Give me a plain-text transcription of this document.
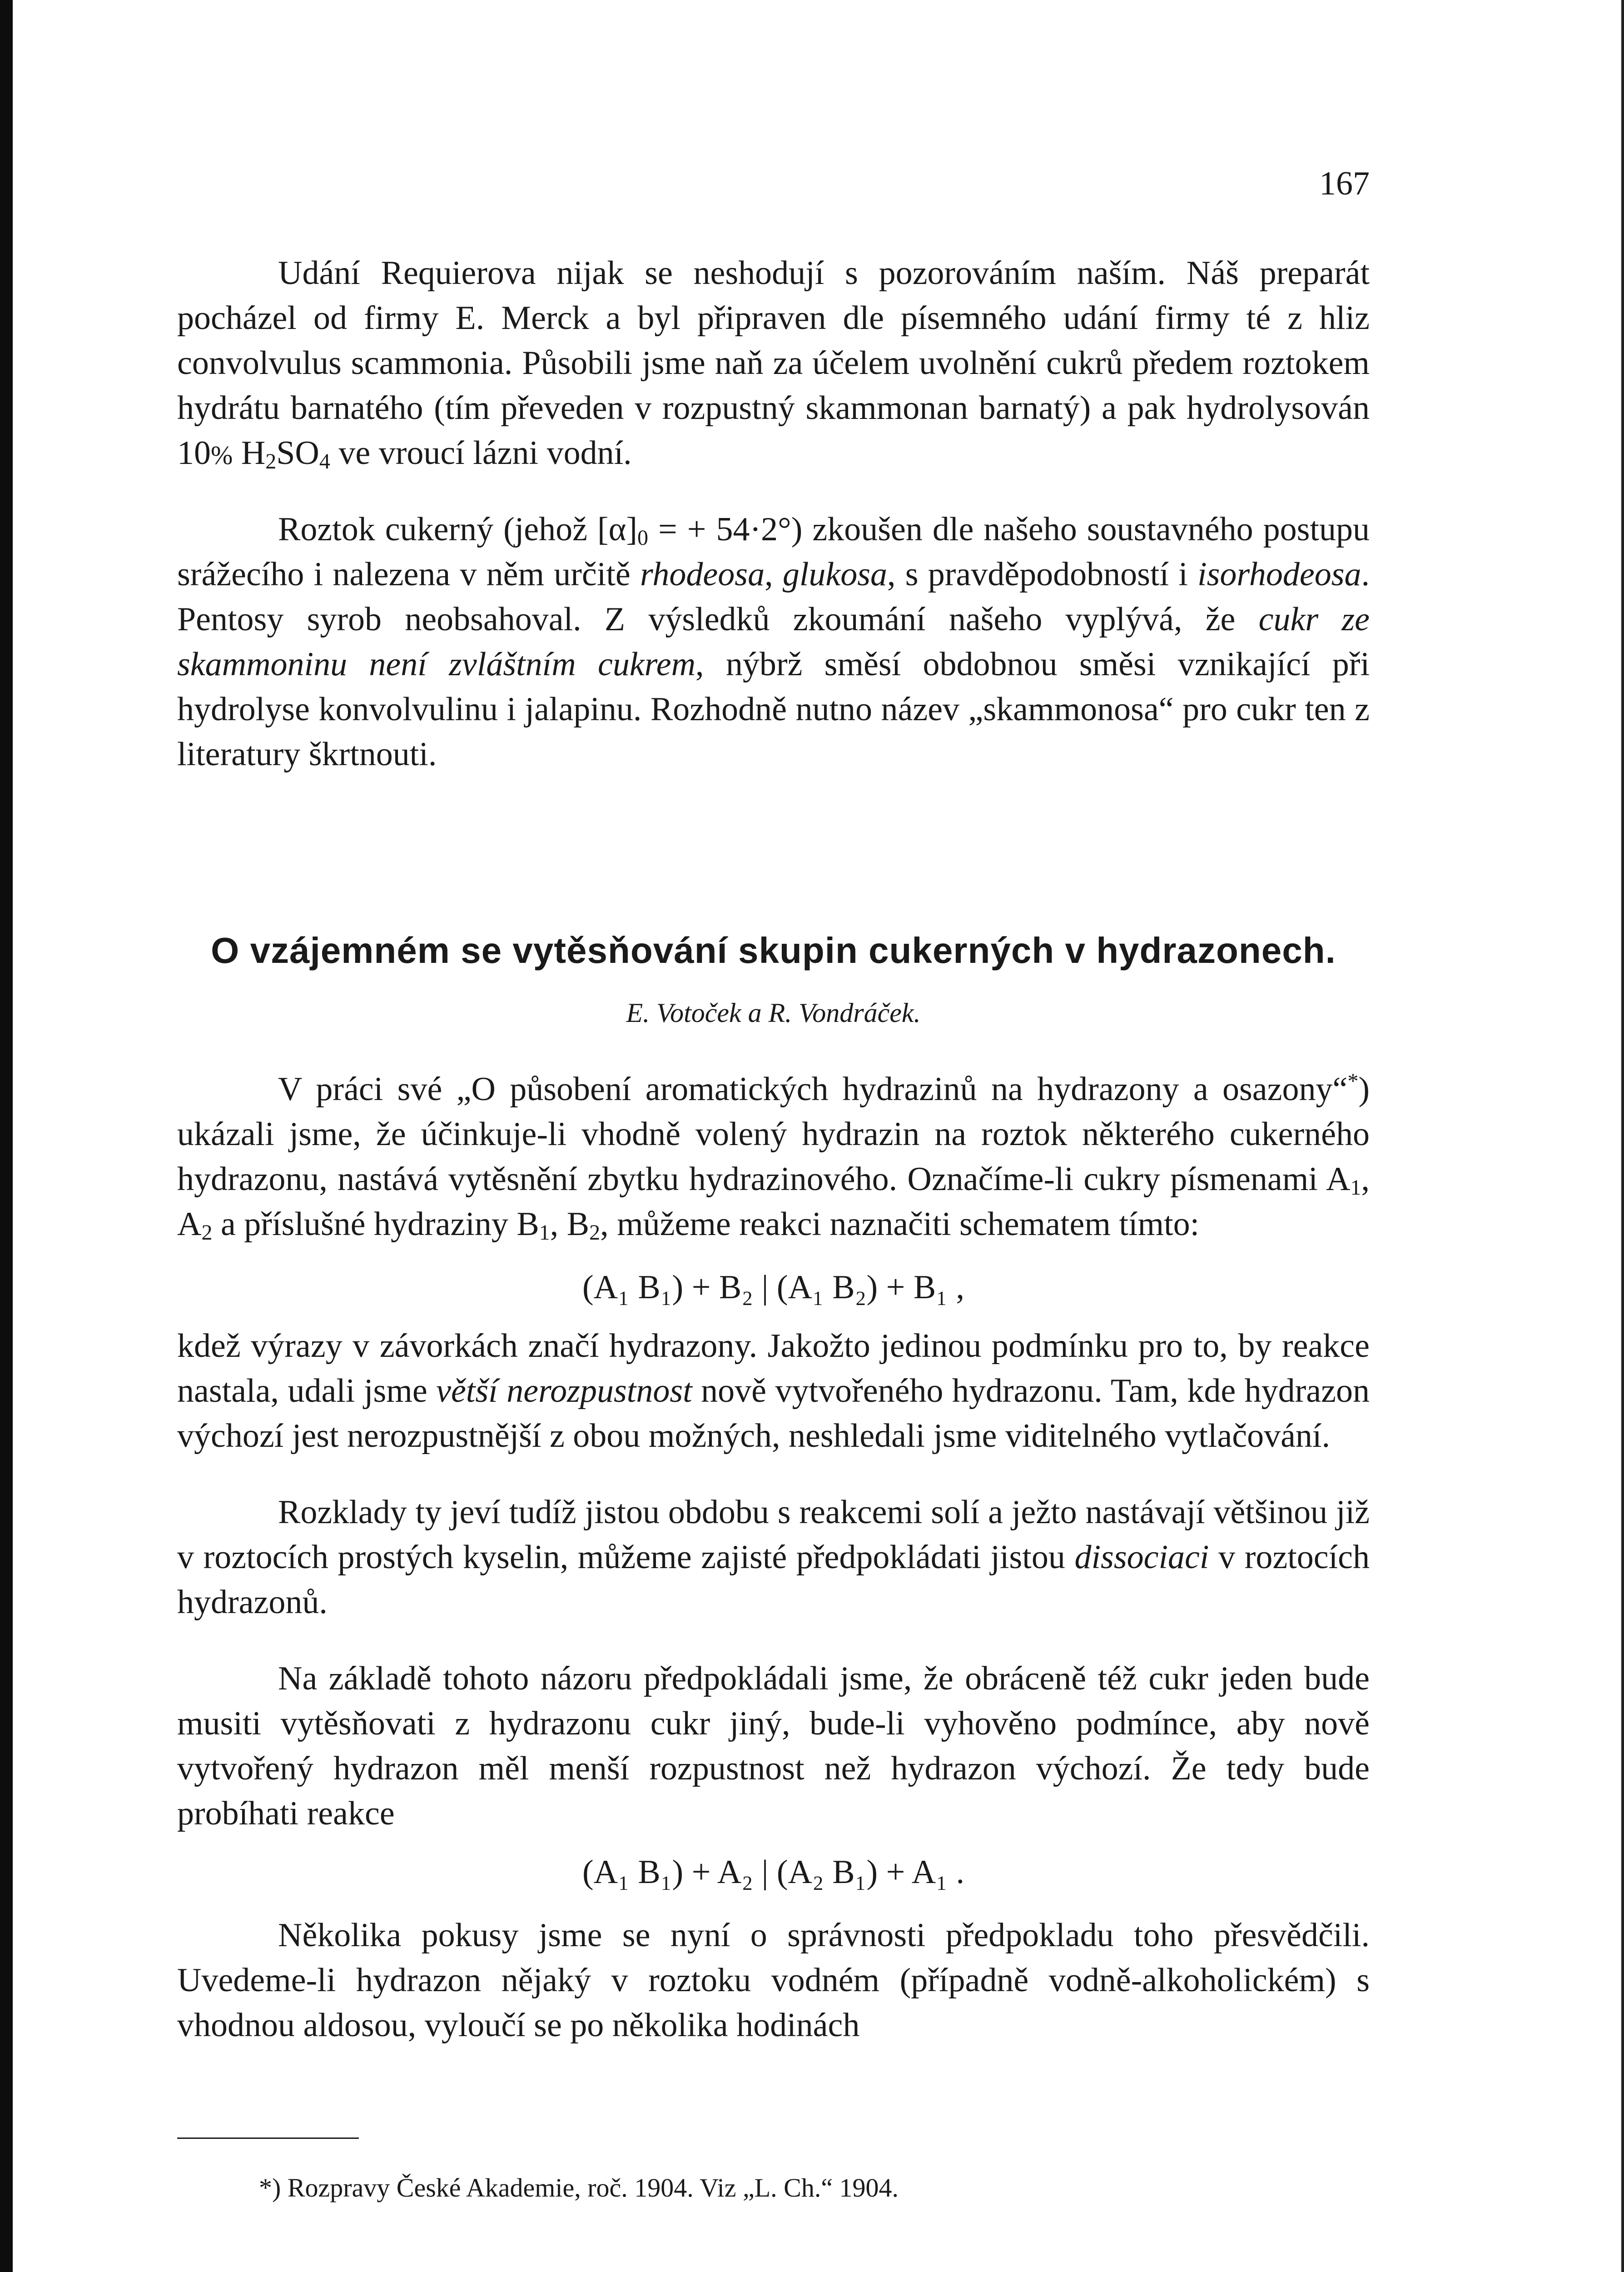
167

Udání Requierova nijak se neshodují s pozorováním naším. Náš preparát pocházel od firmy E. Merck a byl připraven dle písemného udání firmy té z hliz convolvulus scammonia. Působili jsme naň za účelem uvolnění cukrů předem roztokem hydrátu barnatého (tím převeden v rozpustný skammonan barnatý) a pak hydrolysován 10% $H_2SO_4$ ve vroucí lázni vodní.

Roztok cukerný (jehož $[\alpha]_0$ = + 54·2°) zkoušen dle našeho soustavného postupu srážecího i nalezena v něm určitě rhodeosa, glukosa, s pravděpodobností i isorhodeosa. Pentosy syrob neobsahoval. Z výsledků zkoumání našeho vyplývá, že cukr ze skammoninu není zvláštním cukrem, nýbrž směsí obdobnou směsi vznikající při hydrolyse konvolvulinu i jalapinu. Rozhodně nutno název „skammonosa“ pro cukr ten z literatury škrtnouti.

O vzájemném se vytěsňování skupin cukerných v hydrazonech.
E. Votoček a R. Vondráček.

V práci své „O působení aromatických hydrazinů na hydrazony a osazony“*) ukázali jsme, že účinkuje-li vhodně volený hydrazin na roztok některého cukerného hydrazonu, nastává vytěsnění zbytku hydrazinového. Označíme-li cukry písmenami $A_1$, $A_2$ a příslušné hydraziny $B_1$, $B_2$, můžeme reakci naznačiti schematem tímto:

(A₁ B₁) + B₂ | (A₁ B₂) + B₁ ,

kdež výrazy v závorkách značí hydrazony. Jakožto jedinou podmínku pro to, by reakce nastala, udali jsme větší nerozpustnost nově vytvořeného hydrazonu. Tam, kde hydrazon výchozí jest nerozpustnější z obou možných, neshledali jsme viditelného vytlačování.

Rozklady ty jeví tudíž jistou obdobu s reakcemi solí a ježto nastávají většinou již v roztocích prostých kyselin, můžeme zajisté předpokládati jistou dissociaci v roztocích hydrazonů.

Na základě tohoto názoru předpokládali jsme, že obráceně též cukr jeden bude musiti vytěsňovati z hydrazonu cukr jiný, bude-li vyhověno podmínce, aby nově vytvořený hydrazon měl menší rozpustnost než hydrazon výchozí. Že tedy bude probíhati reakce

(A₁ B₁) + A₂ | (A₂ B₁) + A₁ .

Několika pokusy jsme se nyní o správnosti předpokladu toho přesvědčili. Uvedeme-li hydrazon nějaký v roztoku vodném (případně vodně-alkoholickém) s vhodnou aldosou, vyloučí se po několika hodinách

*) Rozpravy České Akademie, roč. 1904. Viz „L. Ch.“ 1904.
